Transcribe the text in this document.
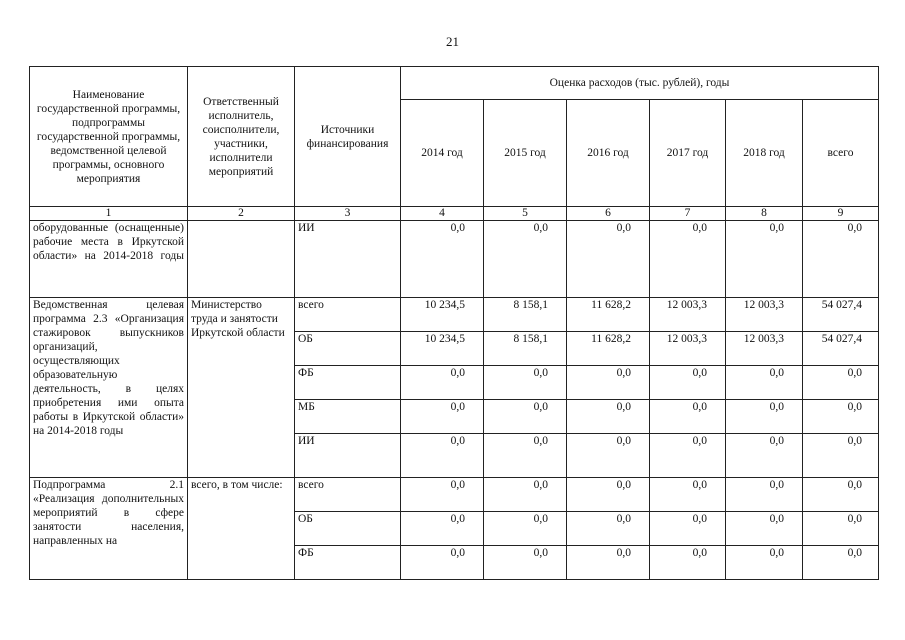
21
Наименование государственной программы, подпрограммы государственной программы, ведомственной целевой программы, основного мероприятия	Ответственный исполнитель, соисполнители, участники, исполнители мероприятий	Источники финансирования	Оценка расходов (тыс. рублей), годы					
			2014 год	2015 год	2016 год	2017 год	2018 год	всего
1	2	3	4	5	6	7	8	9
оборудованные (оснащенные) рабочие места в Иркутской области» на 2014-2018 годы		ИИ	0,0	0,0	0,0	0,0	0,0	0,0
Ведомственная целевая программа 2.3 «Организация стажировок выпускников организаций, осуществляющих образовательную деятельность, в целях приобретения ими опыта работы в Иркутской области» на 2014-2018 годы	Министерство труда и занятости Иркутской области	всего	10 234,5	8 158,1	11 628,2	12 003,3	12 003,3	54 027,4
		ОБ	10 234,5	8 158,1	11 628,2	12 003,3	12 003,3	54 027,4
		ФБ	0,0	0,0	0,0	0,0	0,0	0,0
		МБ	0,0	0,0	0,0	0,0	0,0	0,0
		ИИ	0,0	0,0	0,0	0,0	0,0	0,0
Подпрограмма 2.1 «Реализация дополнительных мероприятий в сфере занятости населения, направленных на	всего, в том числе:	всего	0,0	0,0	0,0	0,0	0,0	0,0
		ОБ	0,0	0,0	0,0	0,0	0,0	0,0
		ФБ	0,0	0,0	0,0	0,0	0,0	0,0
